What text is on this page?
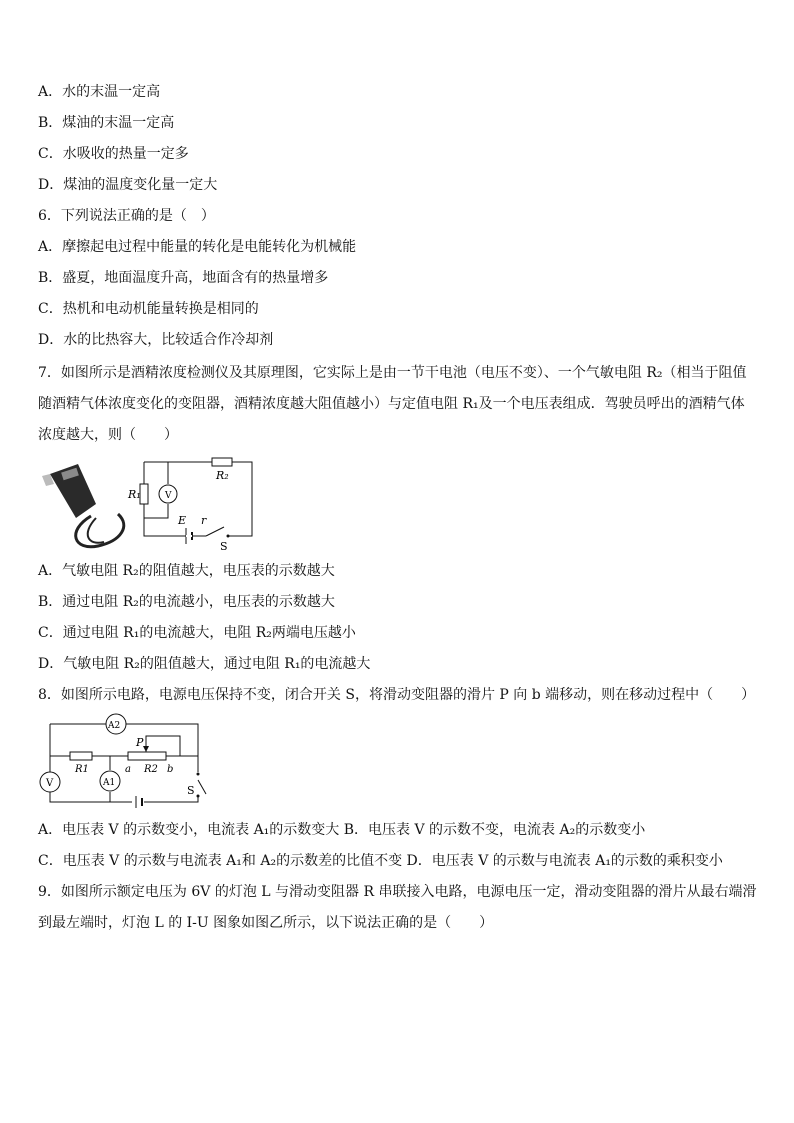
A．水的末温一定高
B．煤油的末温一定高
C．水吸收的热量一定多
D．煤油的温度变化量一定大
6．下列说法正确的是（　）
A．摩擦起电过程中能量的转化是电能转化为机械能
B．盛夏，地面温度升高，地面含有的热量增多
C．热机和电动机能量转换是相同的
D．水的比热容大，比较适合作冷却剂
7．如图所示是酒精浓度检测仪及其原理图，它实际上是由一节干电池（电压不变）、一个气敏电阻 R₂（相当于阻值随酒精气体浓度变化的变阻器，酒精浓度越大阻值越小）与定值电阻 R₁及一个电压表组成．驾驶员呼出的酒精气体浓度越大，则（　　）
R₁	V
R₂
E r
S
A．气敏电阻 R₂的阻值越大，电压表的示数越大
B．通过电阻 R₂的电流越小，电压表的示数越大
C．通过电阻 R₁的电流越大，电阻 R₂两端电压越小
D．气敏电阻 R₂的阻值越大，通过电阻 R₁的电流越大
8．如图所示电路，电源电压保持不变，闭合开关 S，将滑动变阻器的滑片 P 向 b 端移动，则在移动过程中（　　）
A2
A1
V
P
R1	R2
a	b
S
A．电压表 V 的示数变小，电流表 A₁的示数变大 B．电压表 V 的示数不变，电流表 A₂的示数变小
C．电压表 V 的示数与电流表 A₁和 A₂的示数差的比值不变 D．电压表 V 的示数与电流表 A₁的示数的乘积变小
9．如图所示额定电压为 6V 的灯泡 L 与滑动变阻器 R 串联接入电路，电源电压一定，滑动变阻器的滑片从最右端滑到最左端时，灯泡 L 的 I-U 图象如图乙所示，以下说法正确的是（　　）
